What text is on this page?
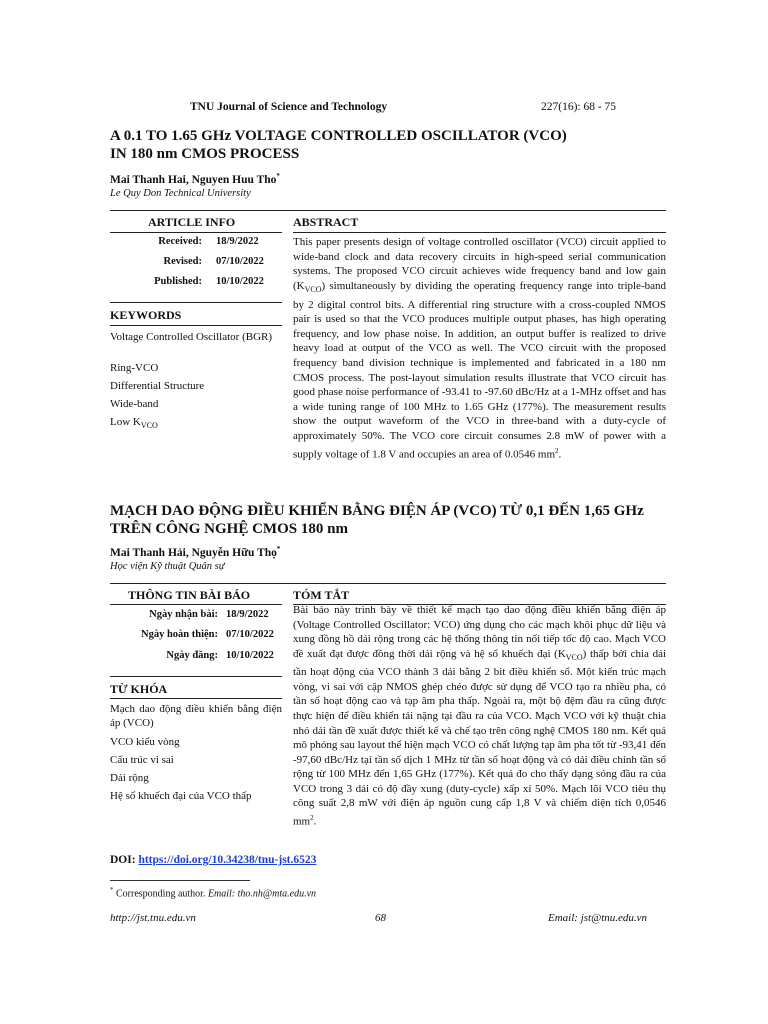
TNU Journal of Science and Technology	227(16): 68 - 75
A 0.1 TO 1.65 GHz VOLTAGE CONTROLLED OSCILLATOR (VCO)
IN 180 nm CMOS PROCESS
Mai Thanh Hai, Nguyen Huu Tho*
Le Quy Don Technical University
ARTICLE INFO	ABSTRACT
Received:	18/9/2022
Revised:	07/10/2022
Published:	10/10/2022
KEYWORDS
Voltage Controlled Oscillator (BGR)
Ring-VCO
Differential Structure
Wide-band
Low $K_{VCO}$
This paper presents design of voltage controlled oscillator (VCO) circuit applied to wide-band clock and data recovery circuits in high-speed serial communication systems. The proposed VCO circuit achieves wide frequency band and low gain $(K_{VCO})$ simultaneously by dividing the operating frequency range into triple-band by 2 digital control bits. A differential ring structure with a cross-coupled NMOS pair is used so that the VCO produces multiple output phases, has high operating frequency, and low phase noise. In addition, an output buffer is realized to drive heavy load at output of the VCO as well. The VCO circuit with the proposed frequency band division technique is implemented and fabricated in a 180 nm CMOS process. The post-layout simulation results illustrate that VCO circuit has good phase noise performance of -93.41 to -97.60 dBc/Hz at a 1-MHz offset and has a wide tuning range of 100 MHz to 1.65 GHz (177%). The measurement results show the output waveform of the VCO in three-band with a duty-cycle of approximately 50%. The VCO core circuit consumes 2.8 mW of power with a supply voltage of 1.8 V and occupies an area of 0.0546 $mm^2$.
MẠCH DAO ĐỘNG ĐIỀU KHIỂN BẰNG ĐIỆN ÁP (VCO) TỪ 0,1 ĐẾN 1,65 GHz
TRÊN CÔNG NGHỆ CMOS 180 nm
Mai Thanh Hải, Nguyễn Hữu Thọ*
Học viện Kỹ thuật Quân sự
THÔNG TIN BÀI BÁO	TÓM TẮT
Ngày nhận bài: 18/9/2022
Ngày hoàn thiện: 07/10/2022
Ngày đăng: 10/10/2022
TỪ KHÓA
Mạch dao động điều khiển bằng điện áp (VCO)
VCO kiểu vòng
Cấu trúc vi sai
Dải rộng
Hệ số khuếch đại của VCO thấp
Bài báo này trình bày về thiết kế mạch tạo dao động điều khiển bằng điện áp (Voltage Controlled Oscillator: VCO) ứng dụng cho các mạch khôi phục dữ liệu và xung đồng hồ dải rộng trong các hệ thống thông tin nối tiếp tốc độ cao. Mạch VCO đề xuất đạt được đồng thời dải rộng và hệ số khuếch đại $(K_{VCO})$ thấp bởi chia dải tần hoạt động của VCO thành 3 dải bằng 2 bit điều khiển số. Một kiến trúc mạch vòng, vi sai với cặp NMOS ghép chéo được sử dụng để VCO tạo ra nhiều pha, có tần số hoạt động cao và tạp âm pha thấp. Ngoài ra, một bộ đệm đầu ra cũng được thực hiện để điều khiển tải nặng tại đầu ra của VCO. Mạch VCO với kỹ thuật chia nhỏ dải tần đề xuất được thiết kế và chế tạo trên công nghệ CMOS 180 nm. Kết quả mô phỏng sau layout thể hiện mạch VCO có chất lượng tạp âm pha tốt từ -93,41 đến -97,60 dBc/Hz tại tần số dịch 1 MHz từ tần số hoạt động và có dải điều chỉnh tần số rộng từ 100 MHz đến 1,65 GHz (177%). Kết quả đo cho thấy dạng sóng đầu ra của VCO trong 3 dải có độ đầy xung (duty-cycle) xấp xỉ 50%. Mạch lõi VCO tiêu thụ công suất 2,8 mW với điện áp nguồn cung cấp 1,8 V và chiếm diện tích 0,0546 $mm^2$.
DOI: https://doi.org/10.34238/tnu-jst.6523
* Corresponding author. Email: tho.nh@mta.edu.vn
http://jst.tnu.edu.vn	68	Email: jst@tnu.edu.vn
